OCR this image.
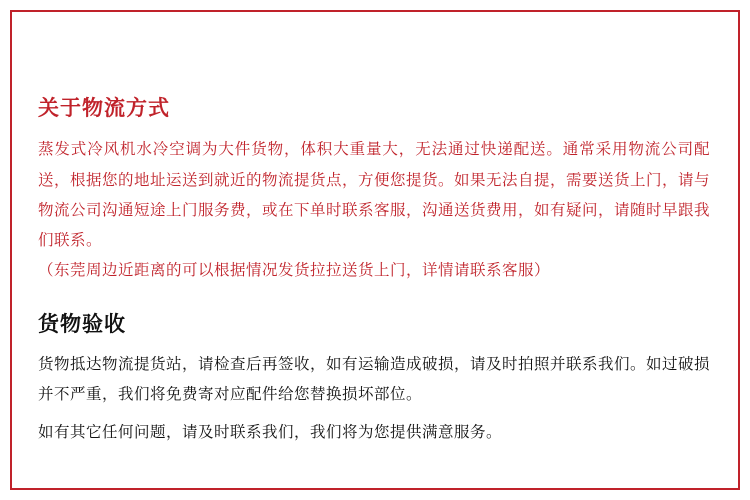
关于物流方式

蒸发式冷风机水冷空调为大件货物，体积大重量大，无法通过快递配送。通常采用物流公司配送，根据您的地址运送到就近的物流提货点，方便您提货。如果无法自提，需要送货上门，请与物流公司沟通短途上门服务费，或在下单时联系客服，沟通送货费用，如有疑问，请随时早跟我们联系。

（东莞周边近距离的可以根据情况发货拉拉送货上门，详情请联系客服）

货物验收

货物抵达物流提货站，请检查后再签收，如有运输造成破损，请及时拍照并联系我们。如过破损并不严重，我们将免费寄对应配件给您替换损坏部位。

如有其它任何问题，请及时联系我们，我们将为您提供满意服务。
